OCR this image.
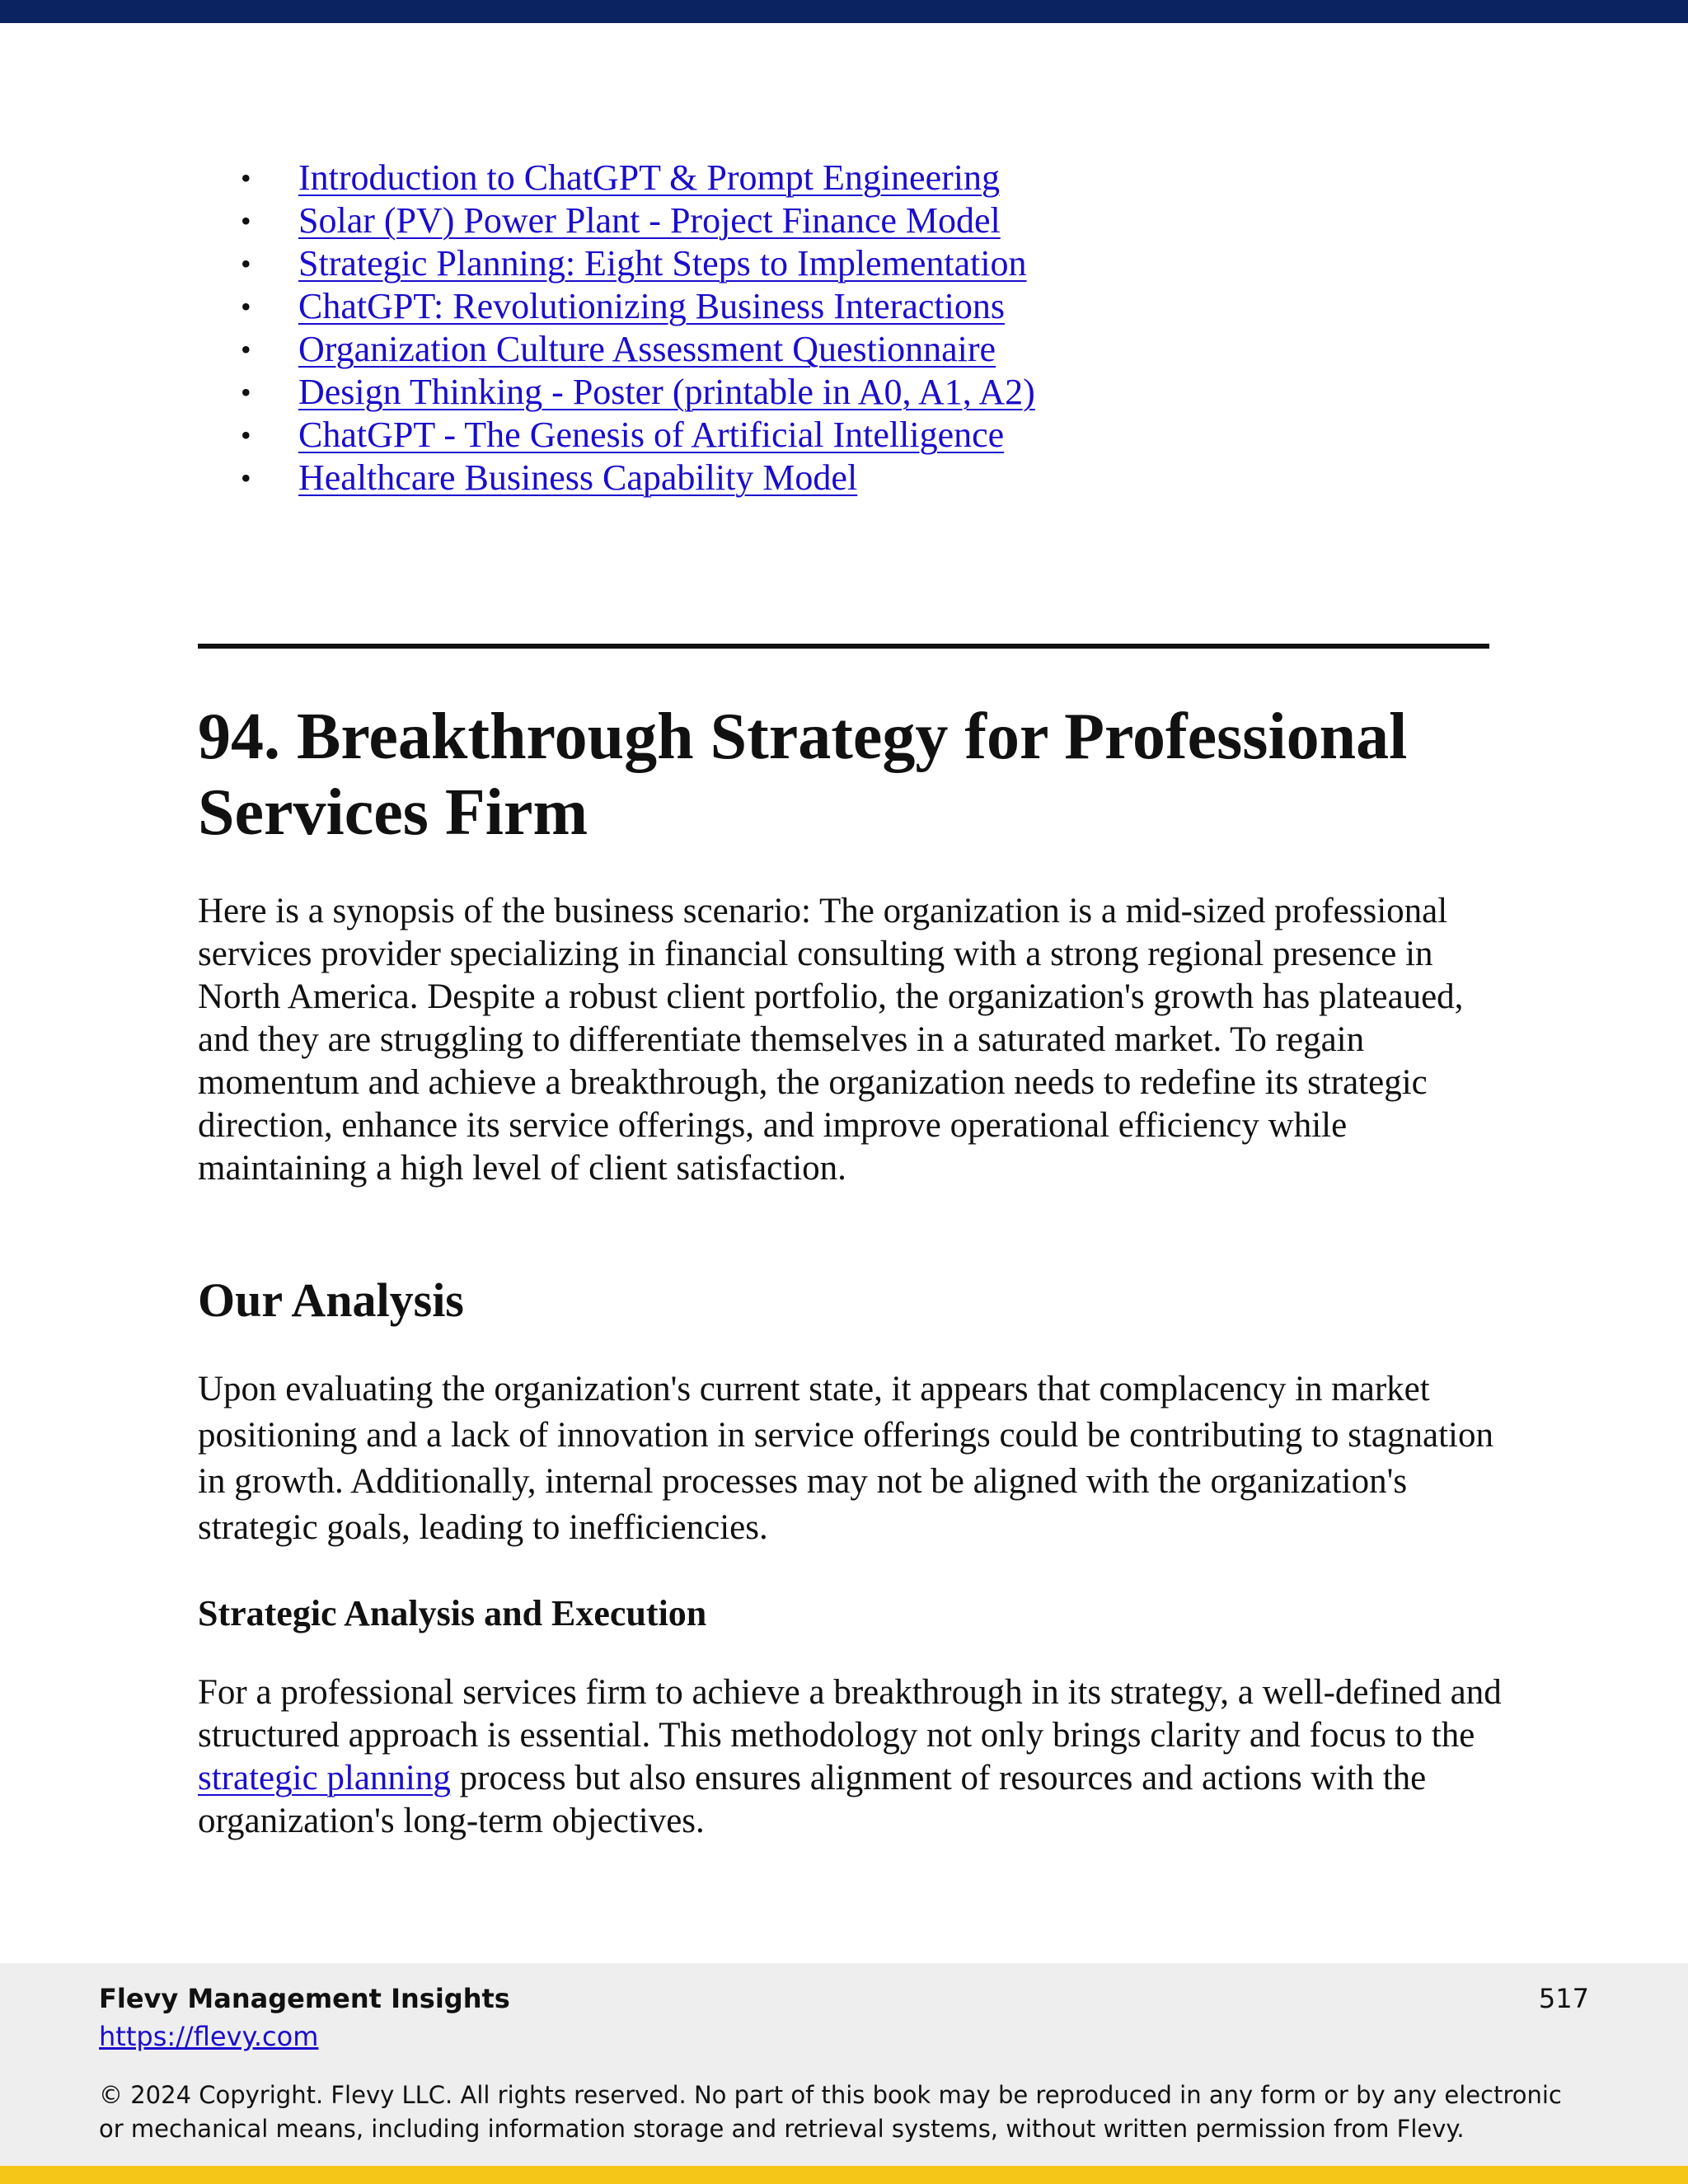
• Introduction to ChatGPT & Prompt Engineering
• Solar (PV) Power Plant - Project Finance Model
• Strategic Planning: Eight Steps to Implementation
• ChatGPT: Revolutionizing Business Interactions
• Organization Culture Assessment Questionnaire
• Design Thinking - Poster (printable in A0, A1, A2)
• ChatGPT - The Genesis of Artificial Intelligence
• Healthcare Business Capability Model
94. Breakthrough Strategy for Professional Services Firm

Here is a synopsis of the business scenario: The organization is a mid-sized professional services provider specializing in financial consulting with a strong regional presence in North America. Despite a robust client portfolio, the organization's growth has plateaued, and they are struggling to differentiate themselves in a saturated market. To regain momentum and achieve a breakthrough, the organization needs to redefine its strategic direction, enhance its service offerings, and improve operational efficiency while maintaining a high level of client satisfaction.

Our Analysis

Upon evaluating the organization's current state, it appears that complacency in market positioning and a lack of innovation in service offerings could be contributing to stagnation in growth. Additionally, internal processes may not be aligned with the organization's strategic goals, leading to inefficiencies.

Strategic Analysis and Execution

For a professional services firm to achieve a breakthrough in its strategy, a well-defined and structured approach is essential. This methodology not only brings clarity and focus to the strategic planning process but also ensures alignment of resources and actions with the organization's long-term objectives.

Flevy Management Insights
https://flevy.com
517
© 2024 Copyright. Flevy LLC. All rights reserved. No part of this book may be reproduced in any form or by any electronic or mechanical means, including information storage and retrieval systems, without written permission from Flevy.
